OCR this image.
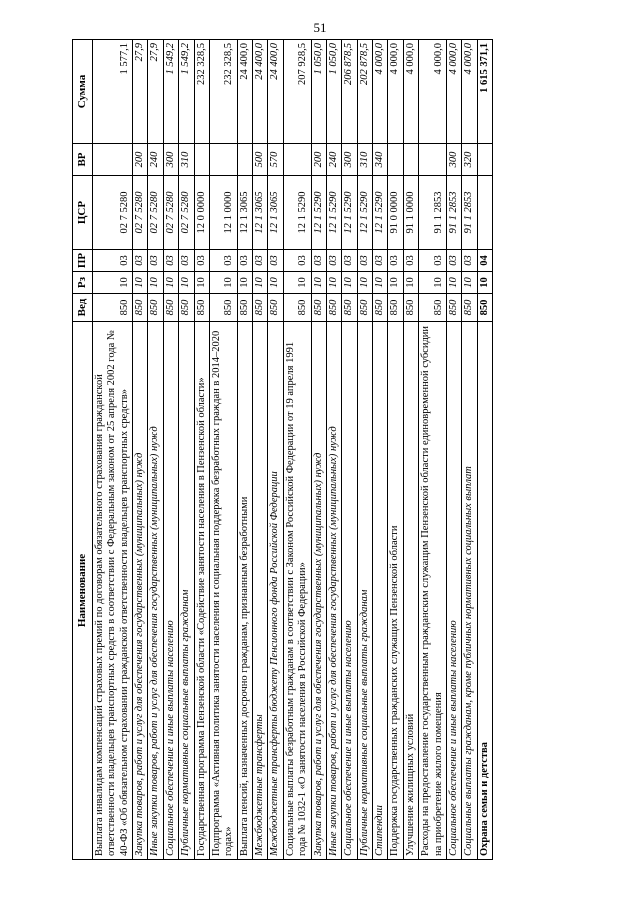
51
Наименование	Вед	Рз	ПР	ЦСР	ВР	Сумма
Выплата инвалидам компенсаций страховых премий по договорам обязательного страхования гражданской ответственности владельцев транспортных средств в соответствии с Федеральным законом от 25 апреля 2002 года № 40-ФЗ «Об обязательном страховании гражданской ответственности владельцев транспортных средств»	850	10	03	02 7 5280		1 577,1
Закупка товаров, работ и услуг для обеспечения государственных (муниципальных) нужд	850	10	03	02 7 5280	200	27,9
Иные закупки товаров, работ и услуг для обеспечения государственных (муниципальных) нужд	850	10	03	02 7 5280	240	27,9
Социальное обеспечение и иные выплаты населению	850	10	03	02 7 5280	300	1 549,2
Публичные нормативные социальные выплаты гражданам	850	10	03	02 7 5280	310	1 549,2
Государственная программа Пензенской области «Содействие занятости населения в Пензенской области»	850	10	03	12 0 0000		232 328,5
Подпрограмма «Активная политика занятости населения и социальная поддержка безработных граждан в 2014–2020 годах»	850	10	03	12 1 0000		232 328,5
Выплата пенсий, назначенных досрочно гражданам, признанным безработными	850	10	03	12 1 3065		24 400,0
Межбюджетные трансферты	850	10	03	12 1 3065	500	24 400,0
Межбюджетные трансферты бюджету Пенсионного фонда Российской Федерации	850	10	03	12 1 3065	570	24 400,0
Социальные выплаты безработным гражданам в соответствии с Законом Российской Федерации от 19 апреля 1991 года № 1032-1 «О занятости населения в Российской Федерации»	850	10	03	12 1 5290		207 928,5
Закупка товаров, работ и услуг для обеспечения государственных (муниципальных) нужд	850	10	03	12 1 5290	200	1 050,0
Иные закупки товаров, работ и услуг для обеспечения государственных (муниципальных) нужд	850	10	03	12 1 5290	240	1 050,0
Социальное обеспечение и иные выплаты населению	850	10	03	12 1 5290	300	206 878,5
Публичные нормативные социальные выплаты гражданам	850	10	03	12 1 5290	310	202 878,5
Стипендии	850	10	03	12 1 5290	340	4 000,0
Поддержка государственных гражданских служащих Пензенской области	850	10	03	91 0 0000		4 000,0
Улучшение жилищных условий	850	10	03	91 1 0000		4 000,0
Расходы на предоставление государственным гражданским служащим Пензенской области единовременной субсидии на приобретение жилого помещения	850	10	03	91 1 2853		4 000,0
Социальное обеспечение и иные выплаты населению	850	10	03	91 1 2853	300	4 000,0
Социальные выплаты гражданам, кроме публичных нормативных социальных выплат	850	10	03	91 1 2853	320	4 000,0
Охрана семьи и детства	850	10	04			1 615 371,1
